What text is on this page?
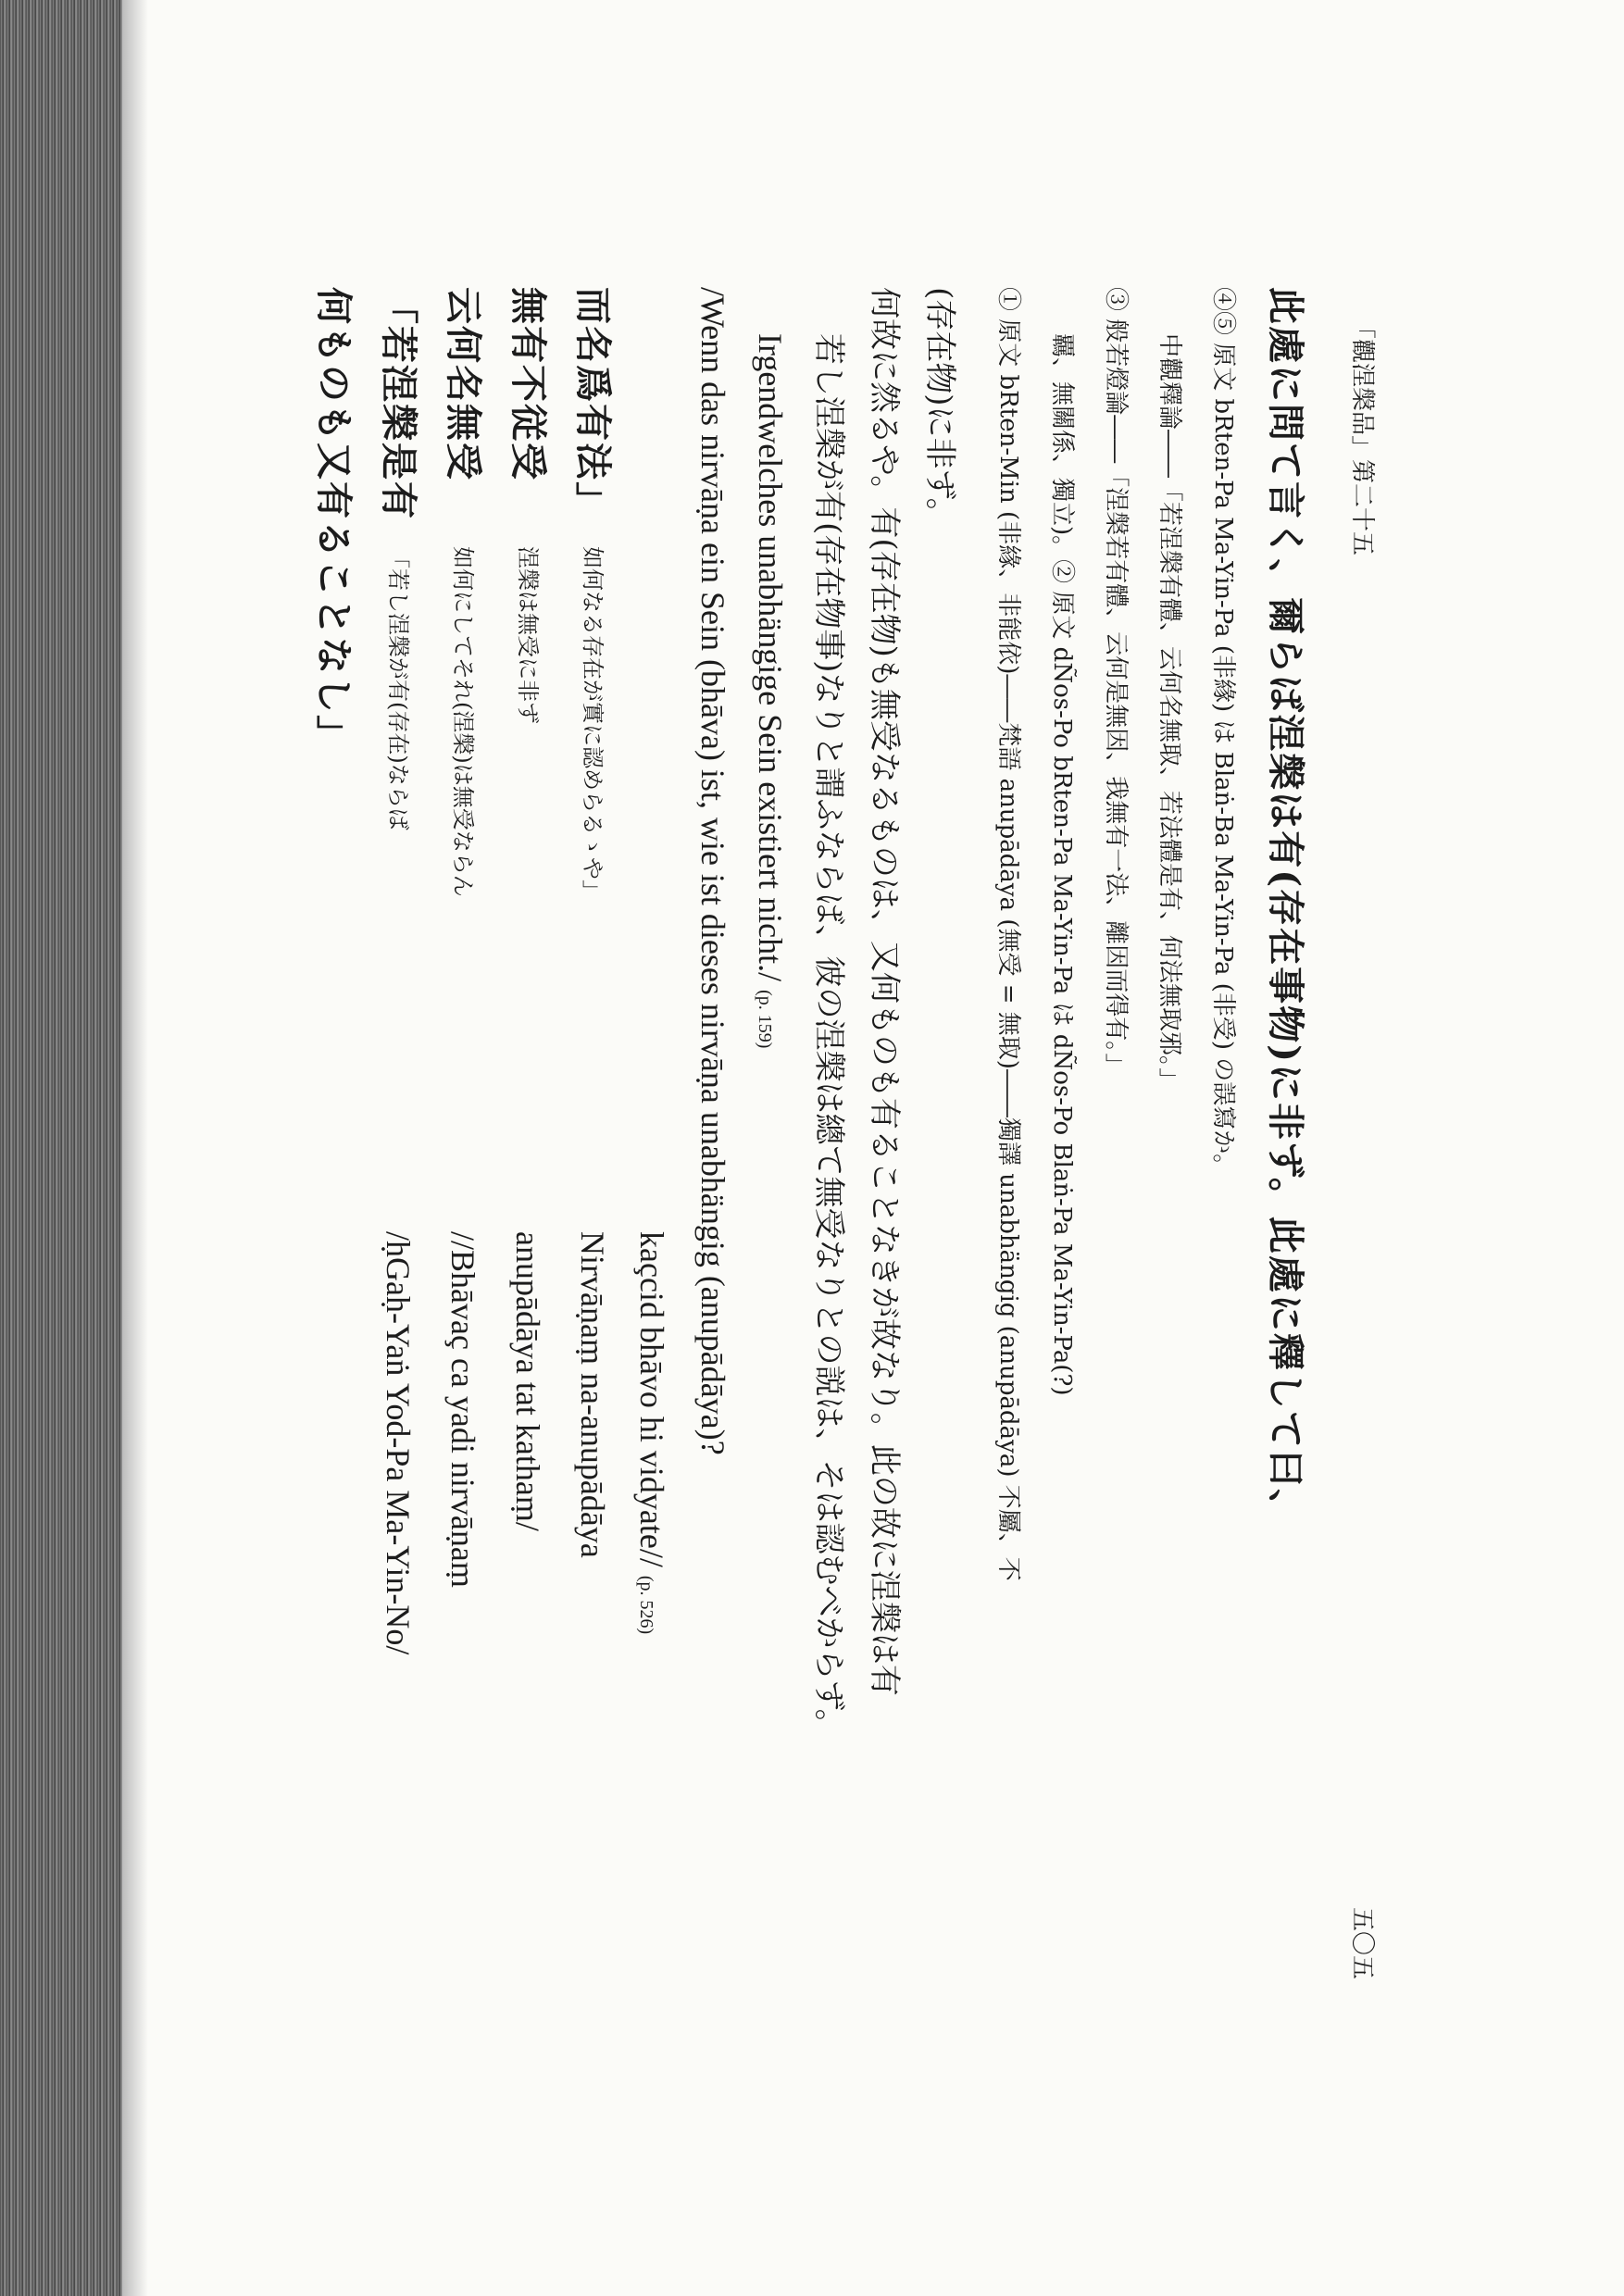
何ものも又有ることなし」 「若涅槃是有
「若し涅槃が有(存在)ならば
/ḥGaḥ-Yaṅ Yod-Pa Ma-Yin-No/
云何名無受
如何にしてそれ(涅槃)は無受ならん
//Bhāvaç ca yadi nirvāṇaṃ
無有不従受
涅槃は無受に非ず
anupādāya tat kathaṃ/
而名爲有法」
如何なる存在が實に認めらるゝや」
Nirvāṇaṃ na-anupādāya kaçcid bhāvo hi vidyate// (p. 526)
/Wenn das nirvāṇa ein Sein (bhāva) ist, wie ist dieses nirvāṇa unabhängig (anupādāya)? Irgendwelches unabhängige Sein existiert nicht./ (p. 159)	若し涅槃が有(存在物事)なりと謂ふならば、彼の涅槃は總て無受なりとの説は、そは認むべからず。 何故に然るや。有(存在物)も無受なるものは、又何ものも有ることなきが故なり。此の故に涅槃は有 (存在物)に非ず。 ① 原文 bRten-Min (非緣、非能依)――梵語 anupādāya (無受 = 無取)――獨譯 unabhängig (anupādāya) 不屬、不 覊、無關係、獨立)。② 原文 dÑos-Po bRten-Pa Ma-Yin-Pa は dÑos-Po Blaṅ-Pa Ma-Yin-Pa(?) ③ 般若燈論――「涅槃若有體、云何是無因、我無有一法、離因而得有。」 中觀釋論――「若涅槃有體、云何名無取、若法體是有、何法無取邪。」 ④⑤ 原文 bRten-Pa Ma-Yin-Pa (非緣) は Blaṅ-Ba Ma-Yin-Pa (非受) の誤寫か。 此處に問て言く、爾らば涅槃は有(存在事物)に非ず。此處に釋して曰、 「觀涅槃品」第二十五
五〇五
